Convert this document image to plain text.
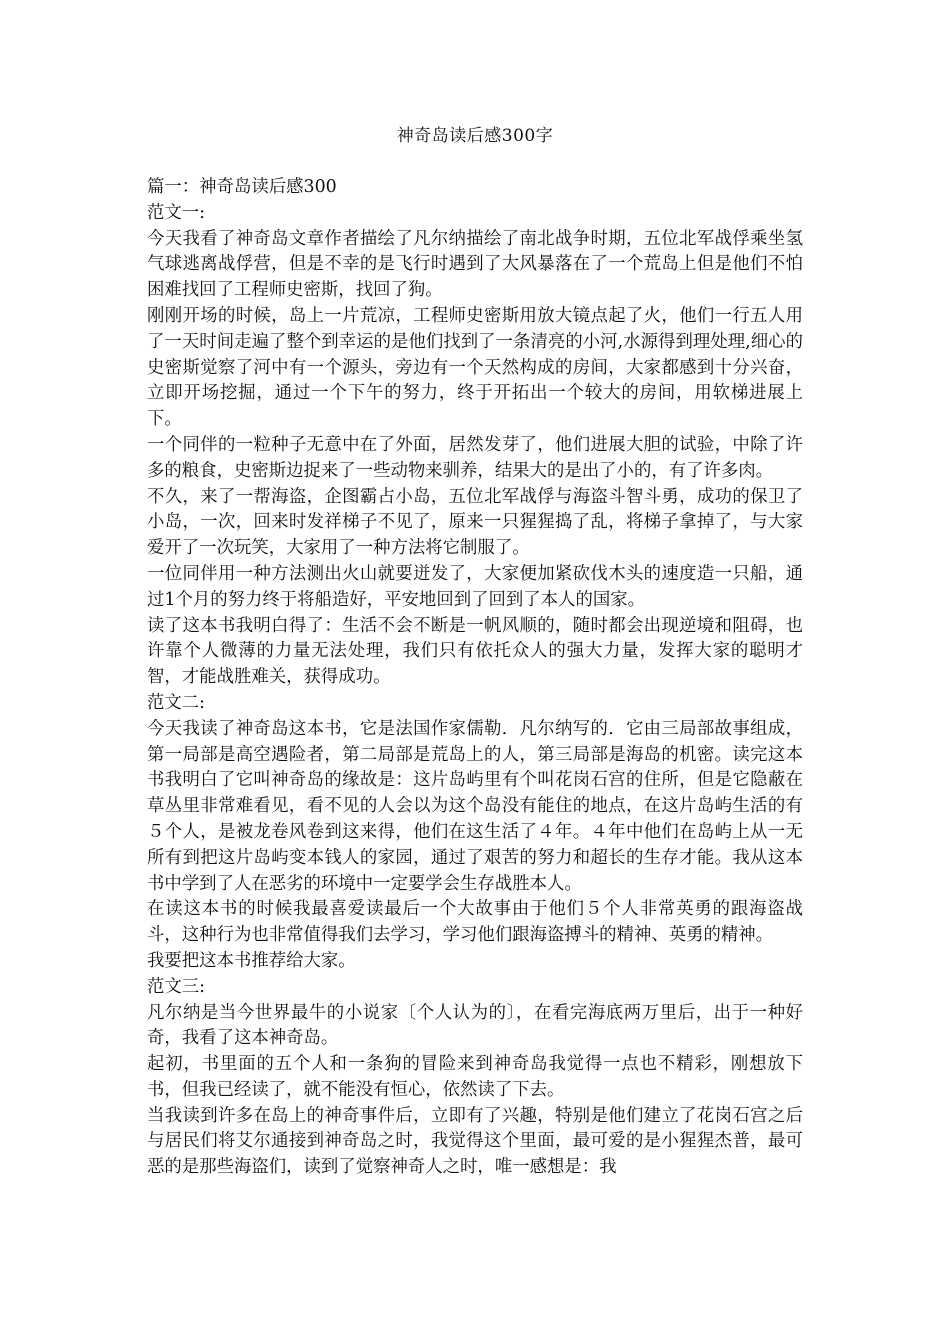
神奇岛读后感300字

篇一：神奇岛读后感300

范文一:

今天我看了神奇岛文章作者描绘了凡尔纳描绘了南北战争时期，五位北军战俘乘坐氢气球逃离战俘营，但是不幸的是飞行时遇到了大风暴落在了一个荒岛上但是他们不怕困难找回了工程师史密斯，找回了狗。

刚刚开场的时候，岛上一片荒凉，工程师史密斯用放大镜点起了火，他们一行五人用了一天时间走遍了整个到幸运的是他们找到了一条清亮的小河,水源得到理处理,细心的史密斯觉察了河中有一个源头，旁边有一个天然构成的房间，大家都感到十分兴奋，立即开场挖掘，通过一个下午的努力，终于开拓出一个较大的房间，用软梯进展上下。

一个同伴的一粒种子无意中在了外面，居然发芽了，他们进展大胆的试验，中除了许多的粮食，史密斯边捉来了一些动物来驯养，结果大的是出了小的，有了许多肉。

不久，来了一帮海盗，企图霸占小岛，五位北军战俘与海盗斗智斗勇，成功的保卫了小岛，一次，回来时发祥梯子不见了，原来一只猩猩捣了乱，将梯子拿掉了，与大家爱开了一次玩笑，大家用了一种方法将它制服了。

一位同伴用一种方法测出火山就要迸发了，大家便加紧砍伐木头的速度造一只船，通过1个月的努力终于将船造好，平安地回到了回到了本人的国家。

读了这本书我明白得了：生活不会不断是一帆风顺的，随时都会出现逆境和阻碍，也许靠个人微薄的力量无法处理，我们只有依托众人的强大力量，发挥大家的聪明才智，才能战胜难关，获得成功。

范文二:

今天我读了神奇岛这本书，它是法国作家儒勒．凡尔纳写的．它由三局部故事组成，第一局部是高空遇险者，第二局部是荒岛上的人，第三局部是海岛的机密。读完这本书我明白了它叫神奇岛的缘故是：这片岛屿里有个叫花岗石宫的住所，但是它隐蔽在草丛里非常难看见，看不见的人会以为这个岛没有能住的地点，在这片岛屿生活的有５个人，是被龙卷风卷到这来得，他们在这生活了４年。４年中他们在岛屿上从一无所有到把这片岛屿变本钱人的家园，通过了艰苦的努力和超长的生存才能。我从这本书中学到了人在恶劣的环境中一定要学会生存战胜本人。

在读这本书的时候我最喜爱读最后一个大故事由于他们５个人非常英勇的跟海盗战斗，这种行为也非常值得我们去学习，学习他们跟海盗搏斗的精神、英勇的精神。

我要把这本书推荐给大家。

范文三:

凡尔纳是当今世界最牛的小说家〔个人认为的〕，在看完海底两万里后，出于一种好奇，我看了这本神奇岛。

起初，书里面的五个人和一条狗的冒险来到神奇岛我觉得一点也不精彩，刚想放下书，但我已经读了，就不能没有恒心，依然读了下去。

当我读到许多在岛上的神奇事件后，立即有了兴趣，特别是他们建立了花岗石宫之后与居民们将艾尔通接到神奇岛之时，我觉得这个里面，最可爱的是小猩猩杰普，最可恶的是那些海盗们，读到了觉察神奇人之时，唯一感想是：我
